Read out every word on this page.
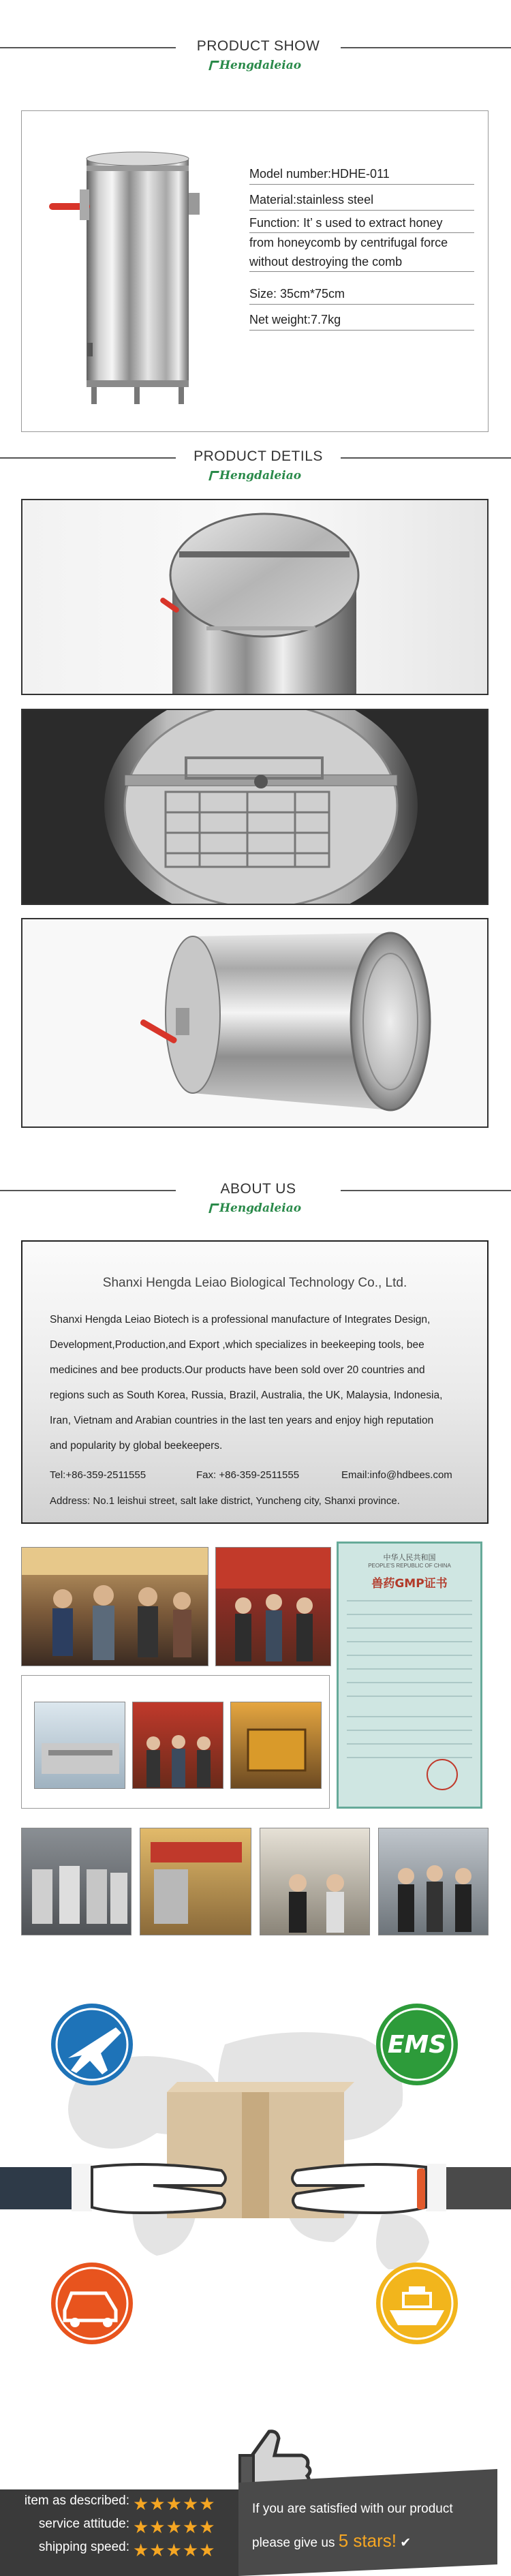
PRODUCT SHOW
Hengdaleiao
Model number:HDHE-011
Material:stainless steel
Function: It’ s used to extract honey
from honeycomb by centrifugal force
without destroying the comb
Size: 35cm*75cm
Net weight:7.7kg
PRODUCT DETILS
Hengdaleiao
ABOUT US
Hengdaleiao
Shanxi Hengda Leiao Biological Technology Co., Ltd.
Shanxi Hengda Leiao Biotech is a professional manufacture of Integrates Design,
Development,Production,and Export ,which specializes in beekeeping tools, bee
medicines and bee products.Our products have been sold over 20 countries and
regions such as South Korea, Russia, Brazil, Australia, the UK, Malaysia, Indonesia,
Iran, Vietnam and Arabian countries in the last ten years and enjoy high reputation
and popularity by global beekeepers.
Tel:+86-359-2511555	Fax: +86-359-2511555	Email:info@hdbees.com
Address: No.1 leishui street, salt lake district, Yuncheng city, Shanxi province.
中华人民共和国
PEOPLE'S REPUBLIC OF CHINA
兽药GMP证书
EMS
If you are satisfied with our product
please give us 5 stars! ✔
item as described: ★★★★★
service attitude: ★★★★★
shipping speed: ★★★★★
